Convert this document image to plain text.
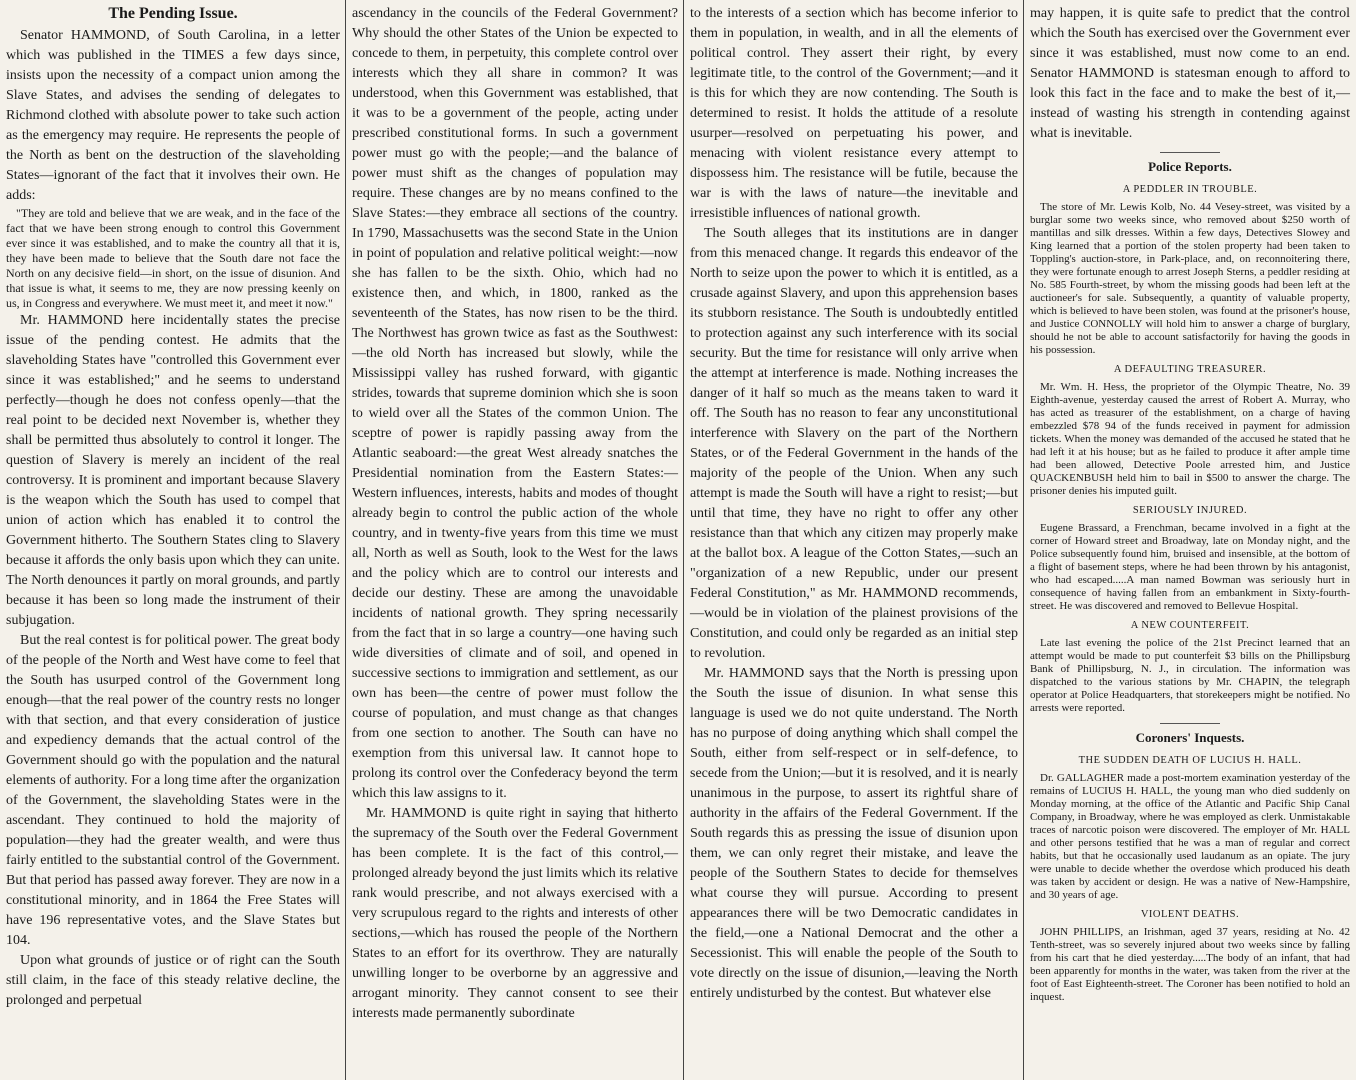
The Pending Issue.

Senator HAMMOND, of South Carolina, in a letter which was published in the TIMES a few days since, insists upon the necessity of a compact union among the Slave States, and advises the sending of delegates to Richmond clothed with absolute power to take such action as the emergency may require. He represents the people of the North as bent on the destruction of the slaveholding States—ignorant of the fact that it involves their own. He adds:

"They are told and believe that we are weak, and in the face of the fact that we have been strong enough to control this Government ever since it was established, and to make the country all that it is, they have been made to believe that the South dare not face the North on any decisive field—in short, on the issue of disunion. And that issue is what, it seems to me, they are now pressing keenly on us, in Congress and everywhere. We must meet it, and meet it now."

Mr. HAMMOND here incidentally states the precise issue of the pending contest. He admits that the slaveholding States have "controlled this Government ever since it was established;" and he seems to understand perfectly—though he does not confess openly—that the real point to be decided next November is, whether they shall be permitted thus absolutely to control it longer. The question of Slavery is merely an incident of the real controversy. It is prominent and important because Slavery is the weapon which the South has used to compel that union of action which has enabled it to control the Government hitherto. The Southern States cling to Slavery because it affords the only basis upon which they can unite. The North denounces it partly on moral grounds, and partly because it has been so long made the instrument of their subjugation.

But the real contest is for political power. The great body of the people of the North and West have come to feel that the South has usurped control of the Government long enough—that the real power of the country rests no longer with that section, and that every consideration of justice and expediency demands that the actual control of the Government should go with the population and the natural elements of authority. For a long time after the organization of the Government, the slaveholding States were in the ascendant. They continued to hold the majority of population—they had the greater wealth, and were thus fairly entitled to the substantial control of the Government. But that period has passed away forever. They are now in a constitutional minority, and in 1864 the Free States will have 196 representative votes, and the Slave States but 104.

Upon what grounds of justice or of right can the South still claim, in the face of this steady relative decline, the prolonged and perpetual

ascendancy in the councils of the Federal Government? Why should the other States of the Union be expected to concede to them, in perpetuity, this complete control over interests which they all share in common? It was understood, when this Government was established, that it was to be a government of the people, acting under prescribed constitutional forms. In such a government power must go with the people;—and the balance of power must shift as the changes of population may require. These changes are by no means confined to the Slave States:—they embrace all sections of the country. In 1790, Massachusetts was the second State in the Union in point of population and relative political weight:—now she has fallen to be the sixth. Ohio, which had no existence then, and which, in 1800, ranked as the seventeenth of the States, has now risen to be the third. The Northwest has grown twice as fast as the Southwest:—the old North has increased but slowly, while the Mississippi valley has rushed forward, with gigantic strides, towards that supreme dominion which she is soon to wield over all the States of the common Union. The sceptre of power is rapidly passing away from the Atlantic seaboard:—the great West already snatches the Presidential nomination from the Eastern States:—Western influences, interests, habits and modes of thought already begin to control the public action of the whole country, and in twenty-five years from this time we must all, North as well as South, look to the West for the laws and the policy which are to control our interests and decide our destiny. These are among the unavoidable incidents of national growth. They spring necessarily from the fact that in so large a country—one having such wide diversities of climate and of soil, and opened in successive sections to immigration and settlement, as our own has been—the centre of power must follow the course of population, and must change as that changes from one section to another. The South can have no exemption from this universal law. It cannot hope to prolong its control over the Confederacy beyond the term which this law assigns to it.

Mr. HAMMOND is quite right in saying that hitherto the supremacy of the South over the Federal Government has been complete. It is the fact of this control,—prolonged already beyond the just limits which its relative rank would prescribe, and not always exercised with a very scrupulous regard to the rights and interests of other sections,—which has roused the people of the Northern States to an effort for its overthrow. They are naturally unwilling longer to be overborne by an aggressive and arrogant minority. They cannot consent to see their interests made permanently subordinate

to the interests of a section which has become inferior to them in population, in wealth, and in all the elements of political control. They assert their right, by every legitimate title, to the control of the Government;—and it is this for which they are now contending. The South is determined to resist. It holds the attitude of a resolute usurper—resolved on perpetuating his power, and menacing with violent resistance every attempt to dispossess him. The resistance will be futile, because the war is with the laws of nature—the inevitable and irresistible influences of national growth.

The South alleges that its institutions are in danger from this menaced change. It regards this endeavor of the North to seize upon the power to which it is entitled, as a crusade against Slavery, and upon this apprehension bases its stubborn resistance. The South is undoubtedly entitled to protection against any such interference with its social security. But the time for resistance will only arrive when the attempt at interference is made. Nothing increases the danger of it half so much as the means taken to ward it off. The South has no reason to fear any unconstitutional interference with Slavery on the part of the Northern States, or of the Federal Government in the hands of the majority of the people of the Union. When any such attempt is made the South will have a right to resist;—but until that time, they have no right to offer any other resistance than that which any citizen may properly make at the ballot box. A league of the Cotton States,—such an "organization of a new Republic, under our present Federal Constitution," as Mr. HAMMOND recommends,—would be in violation of the plainest provisions of the Constitution, and could only be regarded as an initial step to revolution.

Mr. HAMMOND says that the North is pressing upon the South the issue of disunion. In what sense this language is used we do not quite understand. The North has no purpose of doing anything which shall compel the South, either from self-respect or in self-defence, to secede from the Union;—but it is resolved, and it is nearly unanimous in the purpose, to assert its rightful share of authority in the affairs of the Federal Government. If the South regards this as pressing the issue of disunion upon them, we can only regret their mistake, and leave the people of the Southern States to decide for themselves what course they will pursue. According to present appearances there will be two Democratic candidates in the field,—one a National Democrat and the other a Secessionist. This will enable the people of the South to vote directly on the issue of disunion,—leaving the North entirely undisturbed by the contest. But whatever else

may happen, it is quite safe to predict that the control which the South has exercised over the Government ever since it was established, must now come to an end. Senator HAMMOND is statesman enough to afford to look this fact in the face and to make the best of it,—instead of wasting his strength in contending against what is inevitable.

Police Reports.

A PEDDLER IN TROUBLE.

The store of Mr. Lewis Kolb, No. 44 Vesey-street, was visited by a burglar some two weeks since, who removed about $250 worth of mantillas and silk dresses. Within a few days, Detectives Slowey and King learned that a portion of the stolen property had been taken to Toppling's auction-store, in Park-place, and, on reconnoitering there, they were fortunate enough to arrest Joseph Sterns, a peddler residing at No. 585 Fourth-street, by whom the missing goods had been left at the auctioneer's for sale. Subsequently, a quantity of valuable property, which is believed to have been stolen, was found at the prisoner's house, and Justice CONNOLLY will hold him to answer a charge of burglary, should he not be able to account satisfactorily for having the goods in his possession.

A DEFAULTING TREASURER.

Mr. Wm. H. Hess, the proprietor of the Olympic Theatre, No. 39 Eighth-avenue, yesterday caused the arrest of Robert A. Murray, who has acted as treasurer of the establishment, on a charge of having embezzled $78 94 of the funds received in payment for admission tickets. When the money was demanded of the accused he stated that he had left it at his house; but as he failed to produce it after ample time had been allowed, Detective Poole arrested him, and Justice QUACKENBUSH held him to bail in $500 to answer the charge. The prisoner denies his imputed guilt.

SERIOUSLY INJURED.

Eugene Brassard, a Frenchman, became involved in a fight at the corner of Howard street and Broadway, late on Monday night, and the Police subsequently found him, bruised and insensible, at the bottom of a flight of basement steps, where he had been thrown by his antagonist, who had escaped.....A man named Bowman was seriously hurt in consequence of having fallen from an embankment in Sixty-fourth-street. He was discovered and removed to Bellevue Hospital.

A NEW COUNTERFEIT.

Late last evening the police of the 21st Precinct learned that an attempt would be made to put counterfeit $3 bills on the Phillipsburg Bank of Phillipsburg, N. J., in circulation. The information was dispatched to the various stations by Mr. CHAPIN, the telegraph operator at Police Headquarters, that storekeepers might be notified. No arrests were reported.

Coroners' Inquests.

THE SUDDEN DEATH OF LUCIUS H. HALL.

Dr. GALLAGHER made a post-mortem examination yesterday of the remains of LUCIUS H. HALL, the young man who died suddenly on Monday morning, at the office of the Atlantic and Pacific Ship Canal Company, in Broadway, where he was employed as clerk. Unmistakable traces of narcotic poison were discovered. The employer of Mr. HALL and other persons testified that he was a man of regular and correct habits, but that he occasionally used laudanum as an opiate. The jury were unable to decide whether the overdose which produced his death was taken by accident or design. He was a native of New-Hampshire, and 30 years of age.

VIOLENT DEATHS.

JOHN PHILLIPS, an Irishman, aged 37 years, residing at No. 42 Tenth-street, was so severely injured about two weeks since by falling from his cart that he died yesterday.....The body of an infant, that had been apparently for months in the water, was taken from the river at the foot of East Eighteenth-street. The Coroner has been notified to hold an inquest.
